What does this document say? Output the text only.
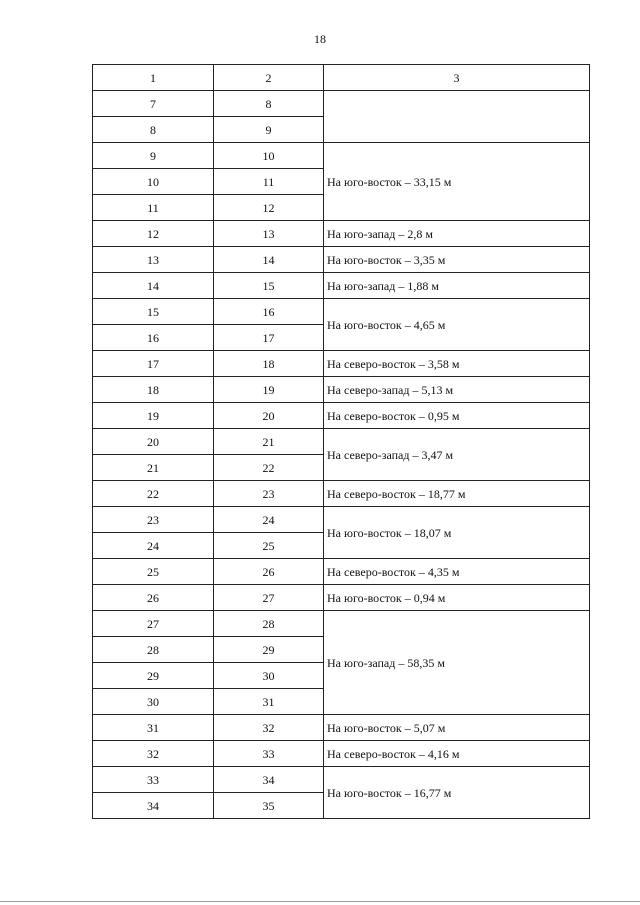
18
1	2	3
7	8	
8	9	
9	10	На юго-восток – 33,15 м
10	11	
11	12	
12	13	На юго-запад – 2,8 м
13	14	На юго-восток – 3,35 м
14	15	На юго-запад – 1,88 м
15	16	На юго-восток – 4,65 м
16	17	
17	18	На северо-восток – 3,58 м
18	19	На северо-запад – 5,13 м
19	20	На северо-восток – 0,95 м
20	21	На северо-запад – 3,47 м
21	22	
22	23	На северо-восток – 18,77 м
23	24	На юго-восток – 18,07 м
24	25	
25	26	На северо-восток – 4,35 м
26	27	На юго-восток – 0,94 м
27	28	На юго-запад – 58,35 м
28	29	
29	30	
30	31	
31	32	На юго-восток – 5,07 м
32	33	На северо-восток – 4,16 м
33	34	На юго-восток – 16,77 м
34	35	
